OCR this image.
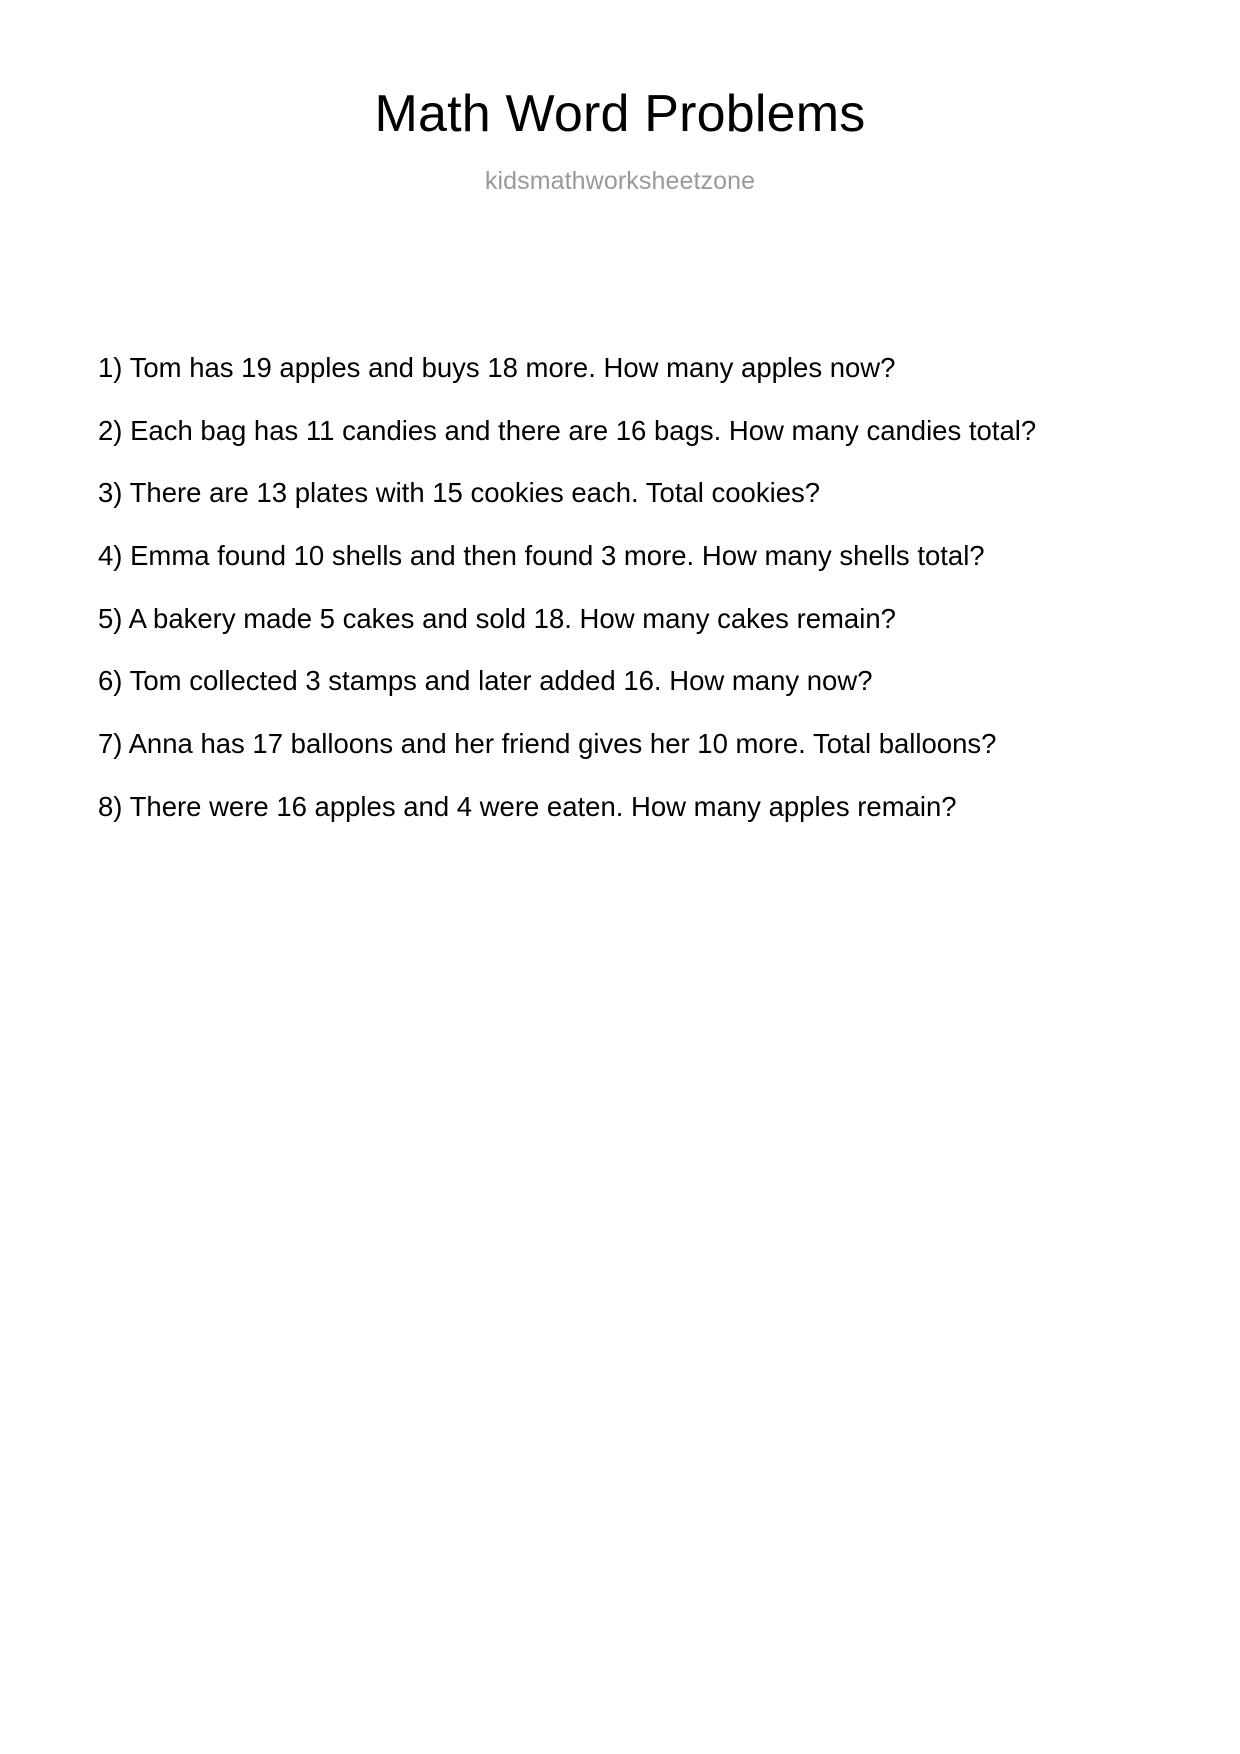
Math Word Problems
kidsmathworksheetzone
1) Tom has 19 apples and buys 18 more. How many apples now?
2) Each bag has 11 candies and there are 16 bags. How many candies total?
3) There are 13 plates with 15 cookies each. Total cookies?
4) Emma found 10 shells and then found 3 more. How many shells total?
5) A bakery made 5 cakes and sold 18. How many cakes remain?
6) Tom collected 3 stamps and later added 16. How many now?
7) Anna has 17 balloons and her friend gives her 10 more. Total balloons?
8) There were 16 apples and 4 were eaten. How many apples remain?
